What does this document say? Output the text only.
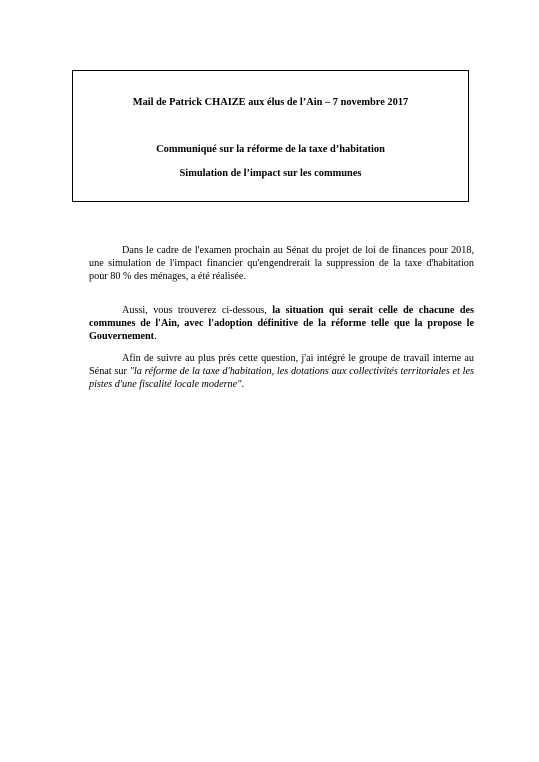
Mail de Patrick CHAIZE aux élus de l’Ain – 7 novembre 2017
Communiqué sur la réforme de la taxe d’habitation
Simulation de l’impact sur les communes

Dans le cadre de l'examen prochain au Sénat du projet de loi de finances pour 2018, une simulation de l'impact financier qu'engendrerait la suppression de la taxe d'habitation pour 80 % des ménages, a été réalisée.

Aussi, vous trouverez ci-dessous, la situation qui serait celle de chacune des communes de l'Ain, avec l'adoption définitive de la réforme telle que la propose le Gouvernement.

Afin de suivre au plus près cette question, j'ai intégré le groupe de travail interne au Sénat sur "la réforme de la taxe d'habitation, les dotations aux collectivités territoriales et les pistes d'une fiscalité locale moderne".
